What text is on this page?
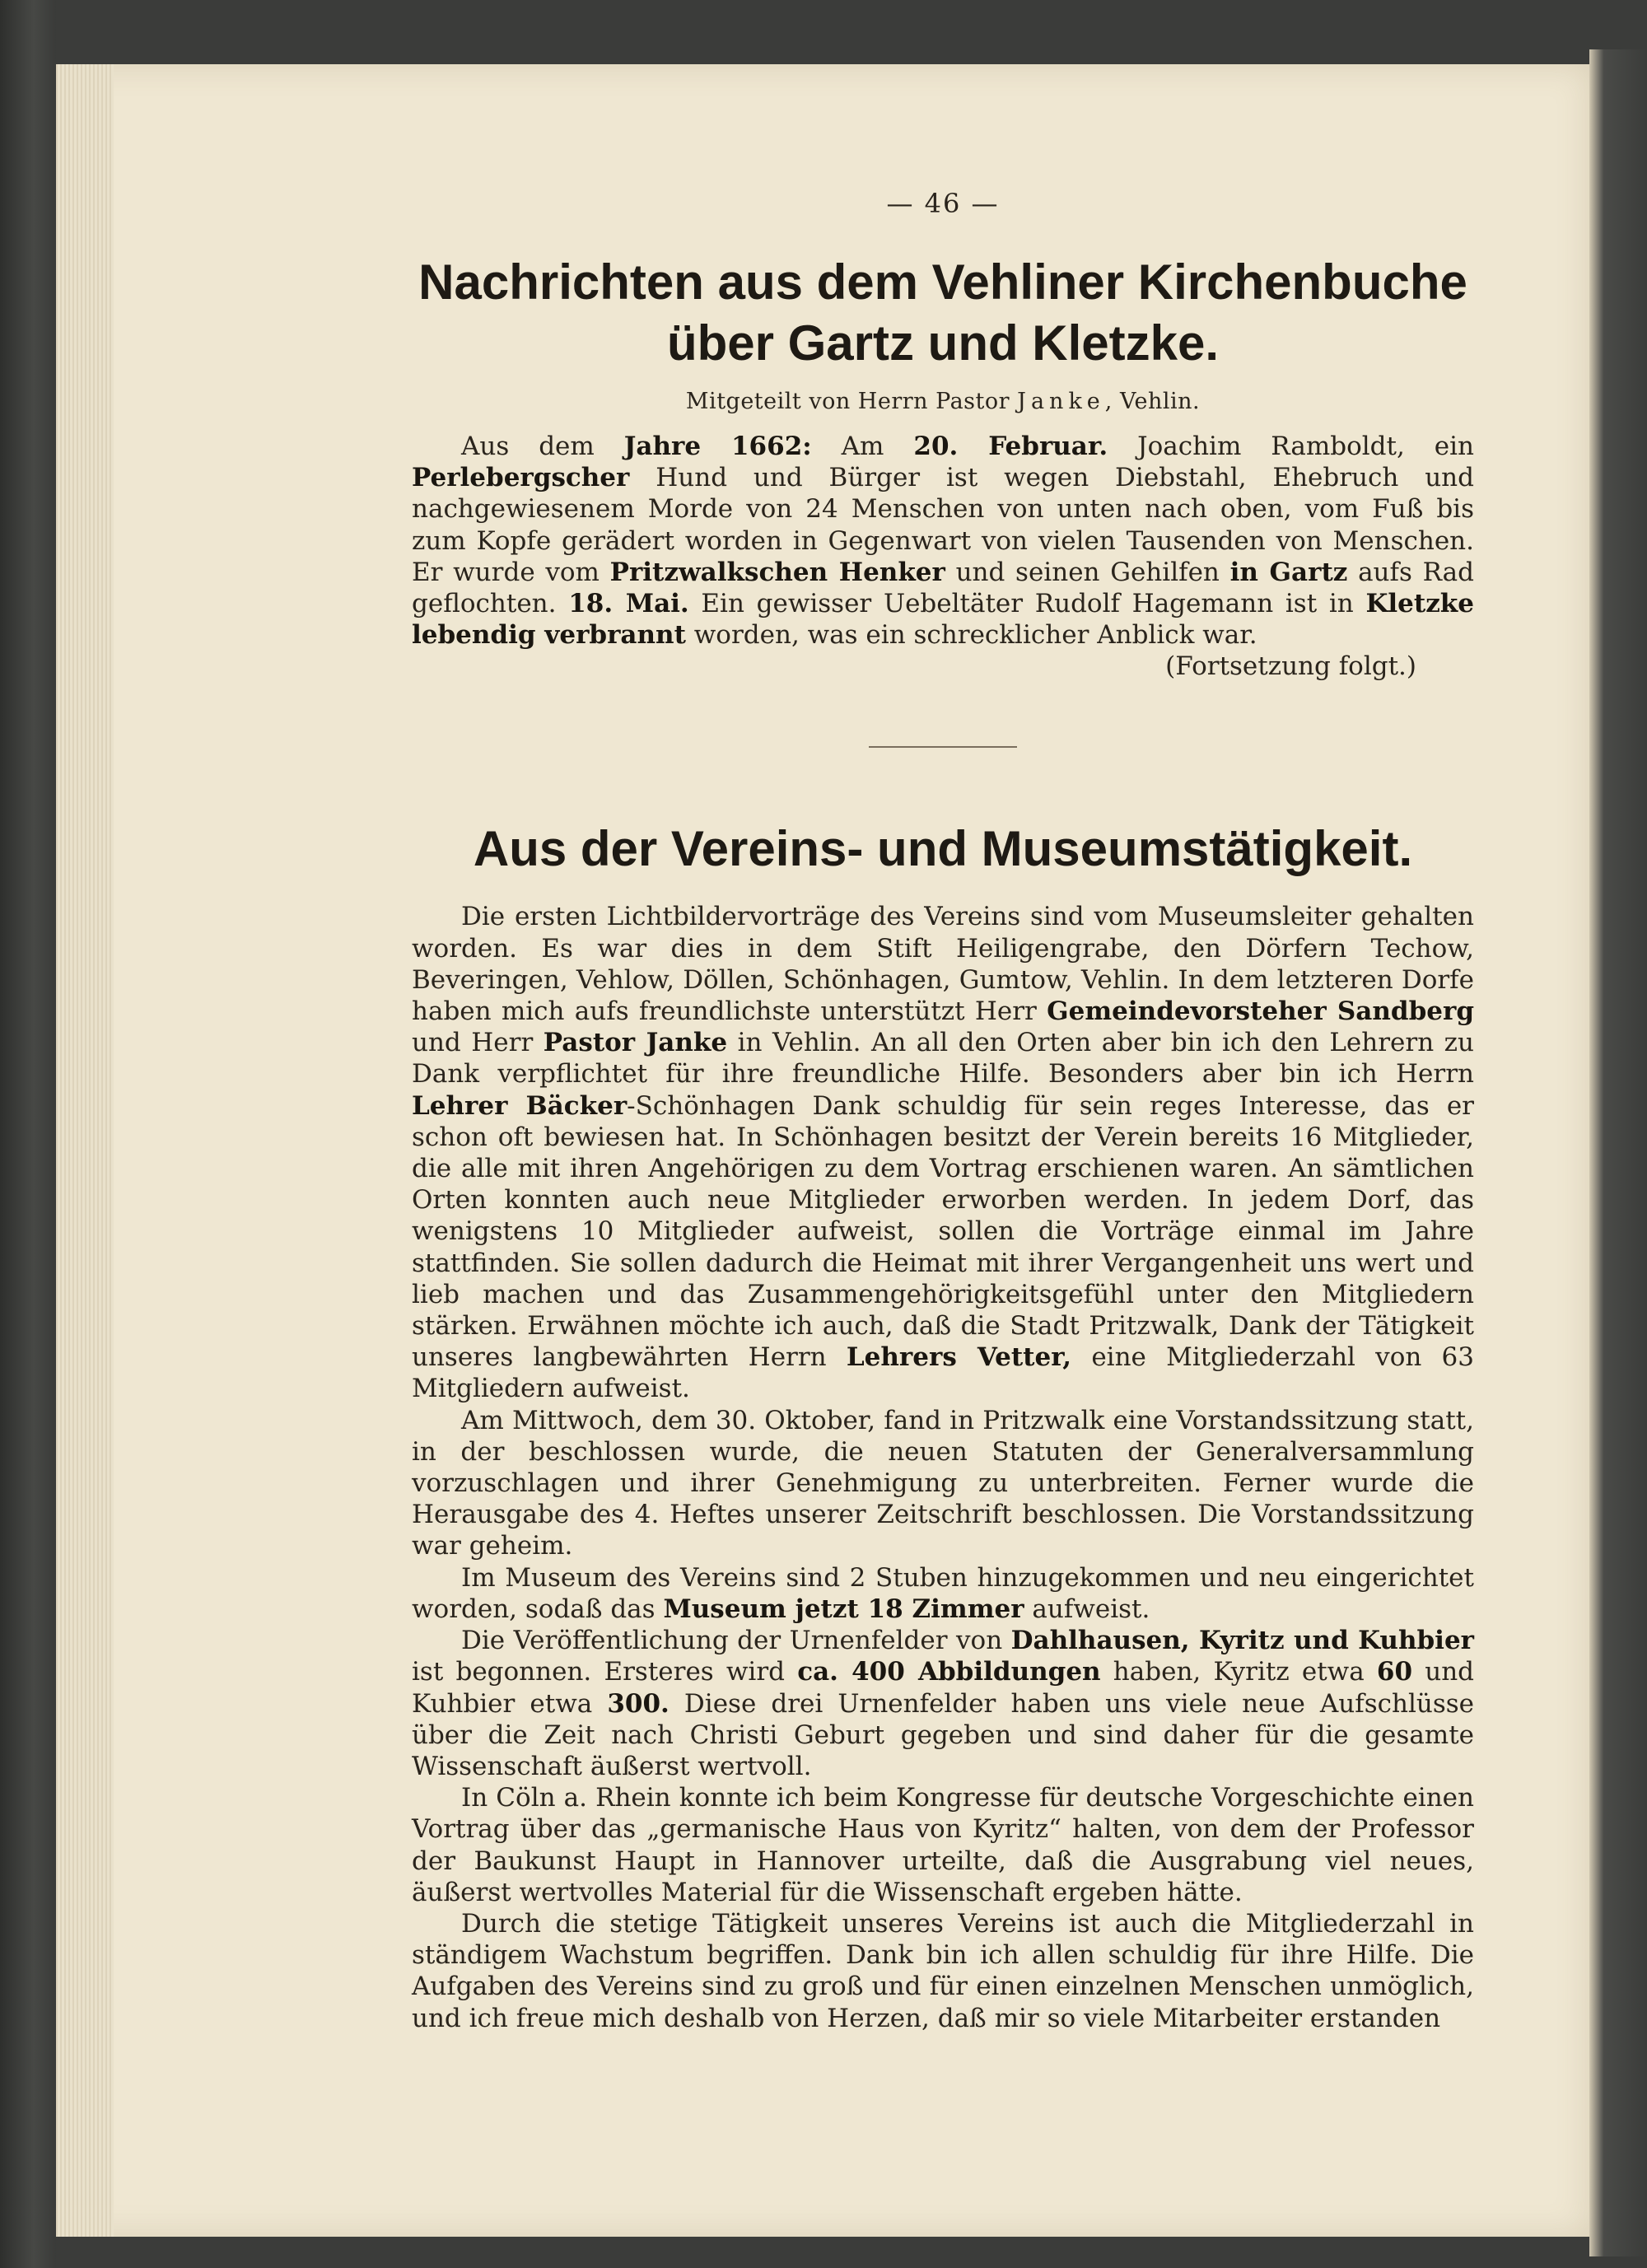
— 46 —
Nachrichten aus dem Vehliner Kirchenbuche
über Gartz und Kletzke.
Mitgeteilt von Herrn Pastor Janke, Vehlin.

Aus dem Jahre 1662: Am 20. Februar. Joachim Ramboldt, ein Perlebergscher Hund und Bürger ist wegen Diebstahl, Ehebruch und nachgewiesenem Morde von 24 Menschen von unten nach oben, vom Fuß bis zum Kopfe gerädert worden in Gegenwart von vielen Tausenden von Menschen. Er wurde vom Pritzwalkschen Henker und seinen Gehilfen in Gartz aufs Rad geflochten. 18. Mai. Ein gewisser Uebeltäter Rudolf Hagemann ist in Kletzke lebendig verbrannt worden, was ein schrecklicher Anblick war.

(Fortsetzung folgt.)

Aus der Vereins- und Museumstätigkeit.

Die ersten Lichtbildervorträge des Vereins sind vom Museumsleiter gehalten worden. Es war dies in dem Stift Heiligengrabe, den Dörfern Techow, Beveringen, Vehlow, Döllen, Schönhagen, Gumtow, Vehlin. In dem letzteren Dorfe haben mich aufs freundlichste unterstützt Herr Gemeindevorsteher Sandberg und Herr Pastor Janke in Vehlin. An all den Orten aber bin ich den Lehrern zu Dank verpflichtet für ihre freundliche Hilfe. Besonders aber bin ich Herrn Lehrer Bäcker-Schönhagen Dank schuldig für sein reges Interesse, das er schon oft bewiesen hat. In Schönhagen besitzt der Verein bereits 16 Mitglieder, die alle mit ihren Angehörigen zu dem Vortrag erschienen waren. An sämtlichen Orten konnten auch neue Mitglieder erworben werden. In jedem Dorf, das wenigstens 10 Mitglieder aufweist, sollen die Vorträge einmal im Jahre stattfinden. Sie sollen dadurch die Heimat mit ihrer Vergangenheit uns wert und lieb machen und das Zusammengehörigkeitsgefühl unter den Mitgliedern stärken. Erwähnen möchte ich auch, daß die Stadt Pritzwalk, Dank der Tätigkeit unseres langbewährten Herrn Lehrers Vetter, eine Mitgliederzahl von 63 Mitgliedern aufweist.

Am Mittwoch, dem 30. Oktober, fand in Pritzwalk eine Vorstandssitzung statt, in der beschlossen wurde, die neuen Statuten der Generalversammlung vorzuschlagen und ihrer Genehmigung zu unterbreiten. Ferner wurde die Herausgabe des 4. Heftes unserer Zeitschrift beschlossen. Die Vorstandssitzung war geheim.

Im Museum des Vereins sind 2 Stuben hinzugekommen und neu eingerichtet worden, sodaß das Museum jetzt 18 Zimmer aufweist.

Die Veröffentlichung der Urnenfelder von Dahlhausen, Kyritz und Kuhbier ist begonnen. Ersteres wird ca. 400 Abbildungen haben, Kyritz etwa 60 und Kuhbier etwa 300. Diese drei Urnenfelder haben uns viele neue Aufschlüsse über die Zeit nach Christi Geburt gegeben und sind daher für die gesamte Wissenschaft äußerst wertvoll.

In Cöln a. Rhein konnte ich beim Kongresse für deutsche Vorgeschichte einen Vortrag über das „germanische Haus von Kyritz“ halten, von dem der Professor der Baukunst Haupt in Hannover urteilte, daß die Ausgrabung viel neues, äußerst wertvolles Material für die Wissenschaft ergeben hätte.

Durch die stetige Tätigkeit unseres Vereins ist auch die Mitgliederzahl in ständigem Wachstum begriffen. Dank bin ich allen schuldig für ihre Hilfe. Die Aufgaben des Vereins sind zu groß und für einen einzelnen Menschen unmöglich, und ich freue mich deshalb von Herzen, daß mir so viele Mitarbeiter erstanden
